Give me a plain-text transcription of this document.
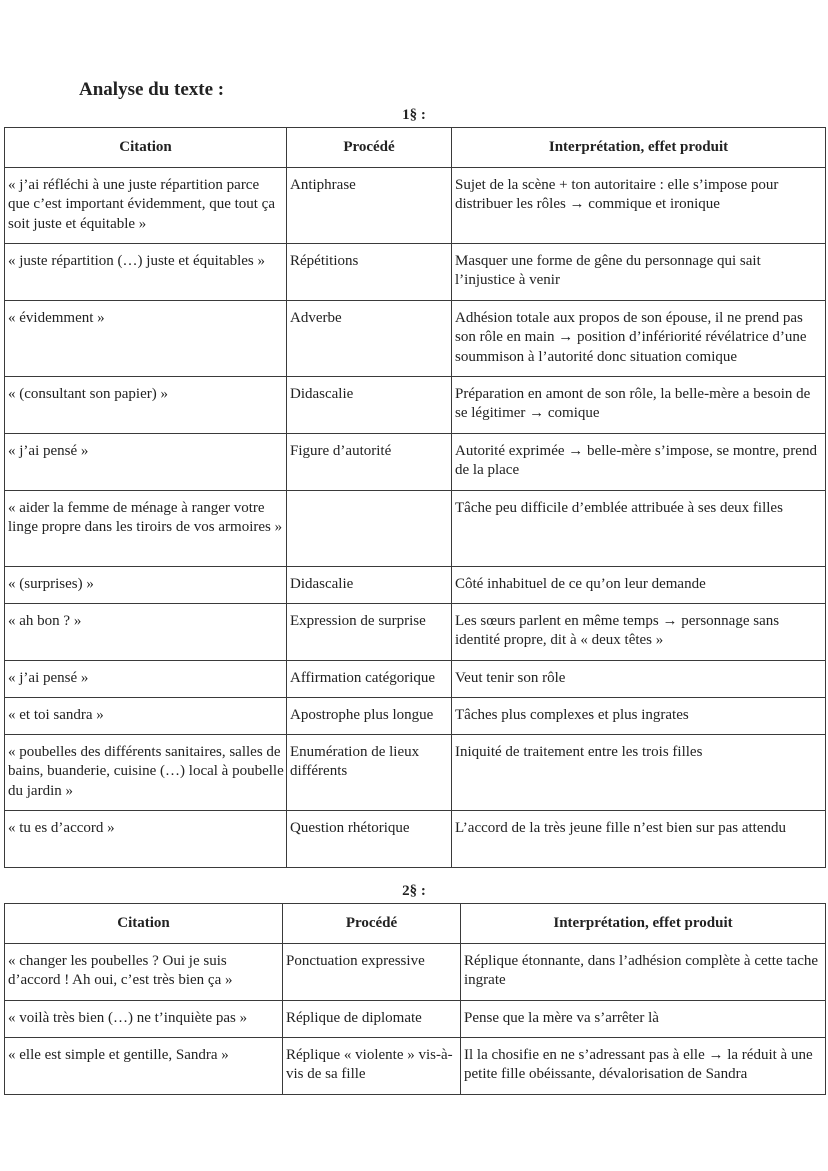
Analyse du texte :
1§ :
Citation	Procédé	Interprétation, effet produit
« j’ai réfléchi à une juste répartition parce que c’est important évidemment, que tout ça soit juste et équitable »	Antiphrase	Sujet de la scène + ton autoritaire : elle s’impose pour distribuer les rôles → commique et ironique
« juste répartition (…) juste et équitables »	Répétitions	Masquer une forme de gêne du personnage qui sait l’injustice à venir
« évidemment »	Adverbe	Adhésion totale aux propos de son épouse, il ne prend pas son rôle en main → position d’infériorité révélatrice d’une soummison à l’autorité donc situation comique
« (consultant son papier) »	Didascalie	Préparation en amont de son rôle, la belle-mère a besoin de se légitimer → comique
« j’ai pensé »	Figure d’autorité	Autorité exprimée → belle-mère s’impose, se montre, prend de la place
« aider la femme de ménage à ranger votre linge propre dans les tiroirs de vos armoires »		Tâche peu difficile d’emblée attribuée à ses deux filles
« (surprises) »	Didascalie	Côté inhabituel de ce qu’on leur demande
« ah bon ? »	Expression de surprise	Les sœurs parlent en même temps → personnage sans identité propre, dit à « deux têtes »
« j’ai pensé »	Affirmation catégorique	Veut tenir son rôle
« et toi sandra »	Apostrophe plus longue	Tâches plus complexes et plus ingrates
« poubelles des différents sanitaires, salles de bains, buanderie, cuisine (…) local à poubelle du jardin »	Enumération de lieux différents	Iniquité de traitement entre les trois filles
« tu es d’accord »	Question rhétorique	L’accord de la très jeune fille n’est bien sur pas attendu
2§ :
Citation	Procédé	Interprétation, effet produit
« changer les poubelles ? Oui je suis d’accord ! Ah oui, c’est très bien ça »	Ponctuation expressive	Réplique étonnante, dans l’adhésion complète à cette tache ingrate
« voilà très bien (…) ne t’inquiète pas »	Réplique de diplomate	Pense que la mère va s’arrêter là
« elle est simple et gentille, Sandra »	Réplique « violente » vis-à-vis de sa fille	Il la chosifie en ne s’adressant pas à elle → la réduit à une petite fille obéissante, dévalorisation de Sandra
